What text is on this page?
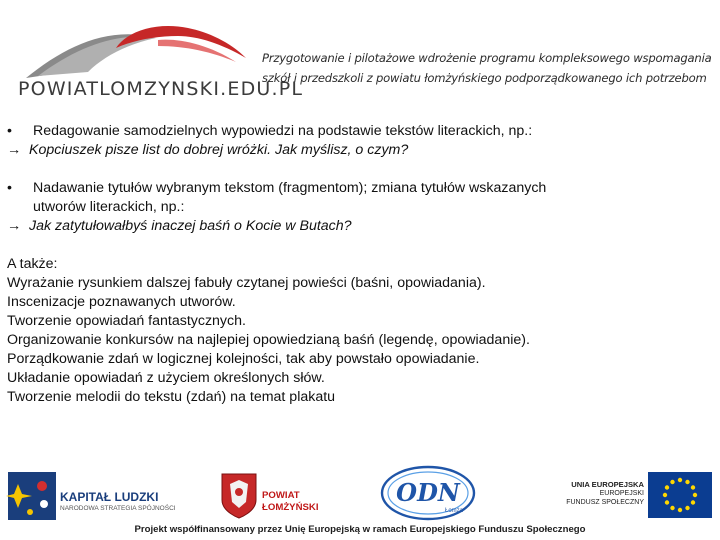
POWIATLOMZYNSKI.EDU.PL
Przygotowanie i pilotażowe wdrożenie programu kompleksowego wspomagania
szkół i przedszkoli z powiatu łomżyńskiego podporządkowanego ich potrzebom
• Redagowanie samodzielnych wypowiedzi na podstawie tekstów literackich, np.:
→ Kopciuszek pisze list do dobrej wróżki. Jak myślisz, o czym?
• Nadawanie tytułów wybranym tekstom (fragmentom); zmiana tytułów wskazanych
utworów literackich, np.:
→ Jak zatytułowałbyś inaczej baśń o Kocie w Butach?
A także:
Wyrażanie rysunkiem dalszej fabuły czytanej powieści (baśni, opowiadania).
Inscenizacje poznawanych utworów.
Tworzenie opowiadań fantastycznych.
Organizowanie konkursów na najlepiej opowiedzianą baśń (legendę, opowiadanie).
Porządkowanie zdań w logicznej kolejności, tak aby powstało opowiadanie.
Układanie opowiadań z użyciem określonych słów.
Tworzenie melodii do tekstu (zdań) na temat plakatu
KAPITAŁ LUDZKI
NARODOWA STRATEGIA SPÓJNOŚCI
POWIAT
ŁOMŻYŃSKI
ODN
Łomża
UNIA EUROPEJSKA
EUROPEJSKI
FUNDUSZ SPOŁECZNY
Projekt współfinansowany przez Unię Europejską w ramach Europejskiego Funduszu Społecznego
